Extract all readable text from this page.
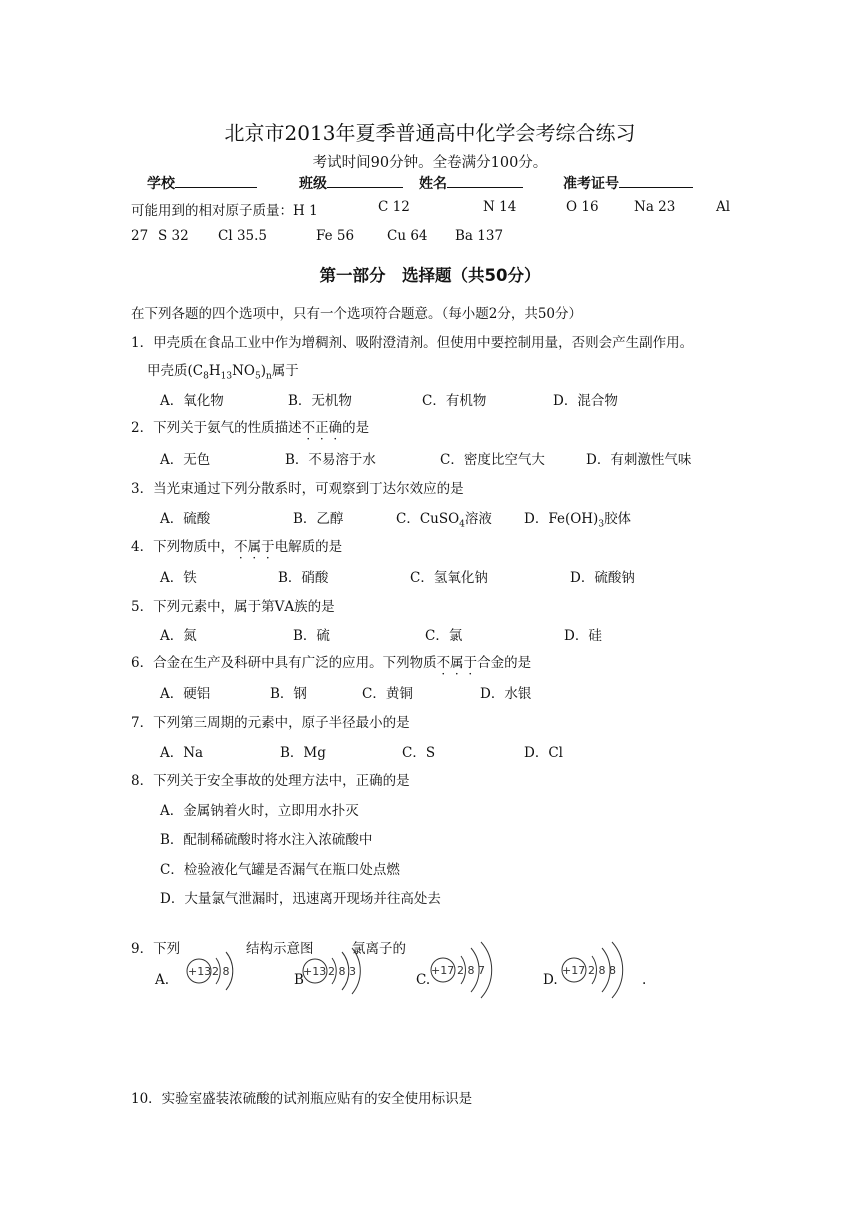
北京市2013年夏季普通高中化学会考综合练习
考试时间90分钟。全卷满分100分。
学校	班级	姓名	准考证号
可能用到的相对原子质量：H 1	C 12	N 14	O 16	Na 23	Al
27 S 32 Cl 35.5	Fe 56 Cu 64 Ba 137
第一部分　选择题（共50分）
在下列各题的四个选项中，只有一个选项符合题意。（每小题2分，共50分）
1．甲壳质在食品工业中作为增稠剂、吸附澄清剂。但使用中要控制用量，否则会产生副作用。
甲壳质$(C_8H_{13}NO_5)_n$属于
A．氧化物	B．无机物	C．有机物	D．混合物
2．下列关于氨气的性质描述不正确的是
A．无色	B．不易溶于水	C．密度比空气大	D．有刺激性气味
3．当光束通过下列分散系时，可观察到丁达尔效应的是
A．硫酸	B．乙醇	C．CuSO$_4$溶液 D．$Fe(OH)_3$胶体
4．下列物质中，不属于电解质的是
A．铁	B．硝酸	C．氢氧化钠	D．硫酸钠
5．下列元素中，属于第ⅤA族的是
A．氮	B．硫	C．氯	D．硅
6．合金在生产及科研中具有广泛的应用。下列物质不属于合金的是
A．硬铝	B．钢	C．黄铜	D．水银
7．下列第三周期的元素中，原子半径最小的是
A．Na	B．Mg	C．S	D．Cl
8．下列关于安全事故的处理方法中，正确的是
A．金属钠着火时，立即用水扑灭
B．配制稀硫酸时将水注入浓硫酸中
C．检验液化气罐是否漏气在瓶口处点燃
D．大量氯气泄漏时，迅速离开现场并往高处去
9．下列	结构示意图	氯离子的
A.	B	C.	D.	.
+13 2 8	+13 2 8 3	+17 2 8 7	+17 2 8 8
10．实验室盛装浓硫酸的试剂瓶应贴有的安全使用标识是
